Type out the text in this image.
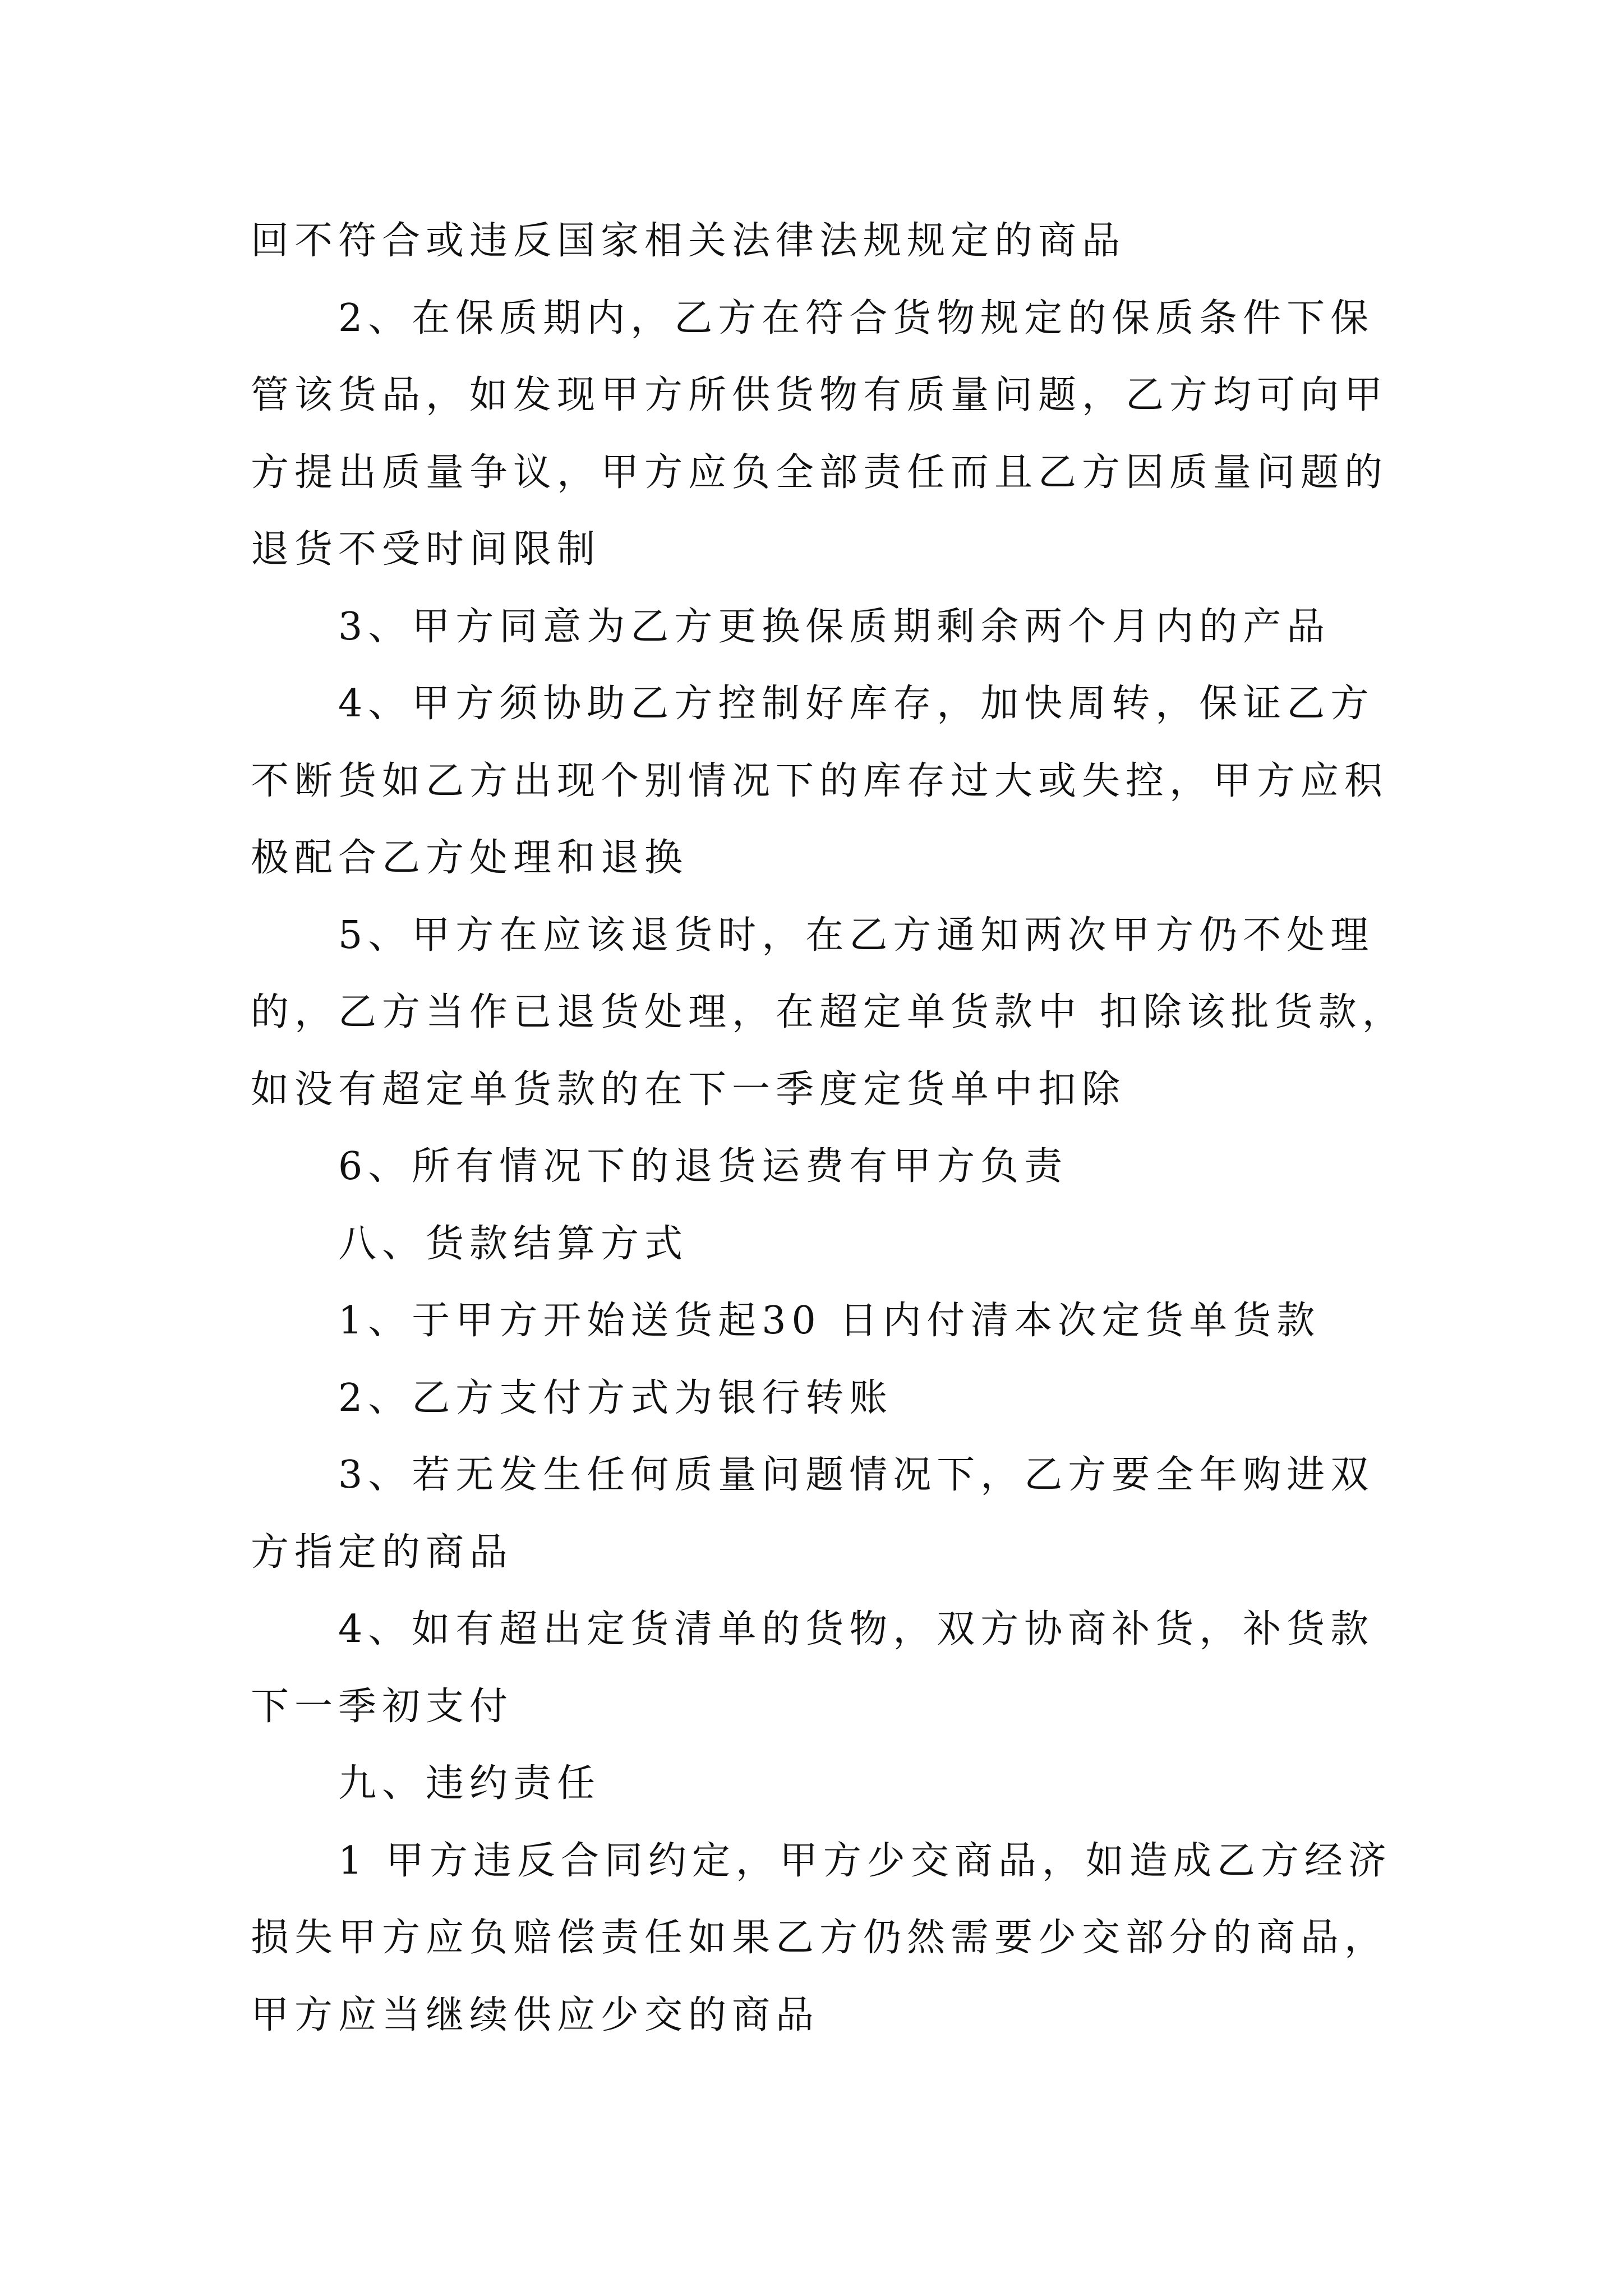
回不符合或违反国家相关法律法规规定的商品
2、在保质期内，乙方在符合货物规定的保质条件下保
管该货品，如发现甲方所供货物有质量问题，乙方均可向甲
方提出质量争议，甲方应负全部责任而且乙方因质量问题的
退货不受时间限制
3、甲方同意为乙方更换保质期剩余两个月内的产品
4、甲方须协助乙方控制好库存，加快周转，保证乙方
不断货如乙方出现个别情况下的库存过大或失控，甲方应积
极配合乙方处理和退换
5、甲方在应该退货时，在乙方通知两次甲方仍不处理
的，乙方当作已退货处理，在超定单货款中 扣除该批货款，
如没有超定单货款的在下一季度定货单中扣除
6、所有情况下的退货运费有甲方负责
八、货款结算方式
1、于甲方开始送货起30 日内付清本次定货单货款
2、乙方支付方式为银行转账
3、若无发生任何质量问题情况下，乙方要全年购进双
方指定的商品
4、如有超出定货清单的货物，双方协商补货，补货款
下一季初支付
九、违约责任
1 甲方违反合同约定，甲方少交商品，如造成乙方经济
损失甲方应负赔偿责任如果乙方仍然需要少交部分的商品，
甲方应当继续供应少交的商品
